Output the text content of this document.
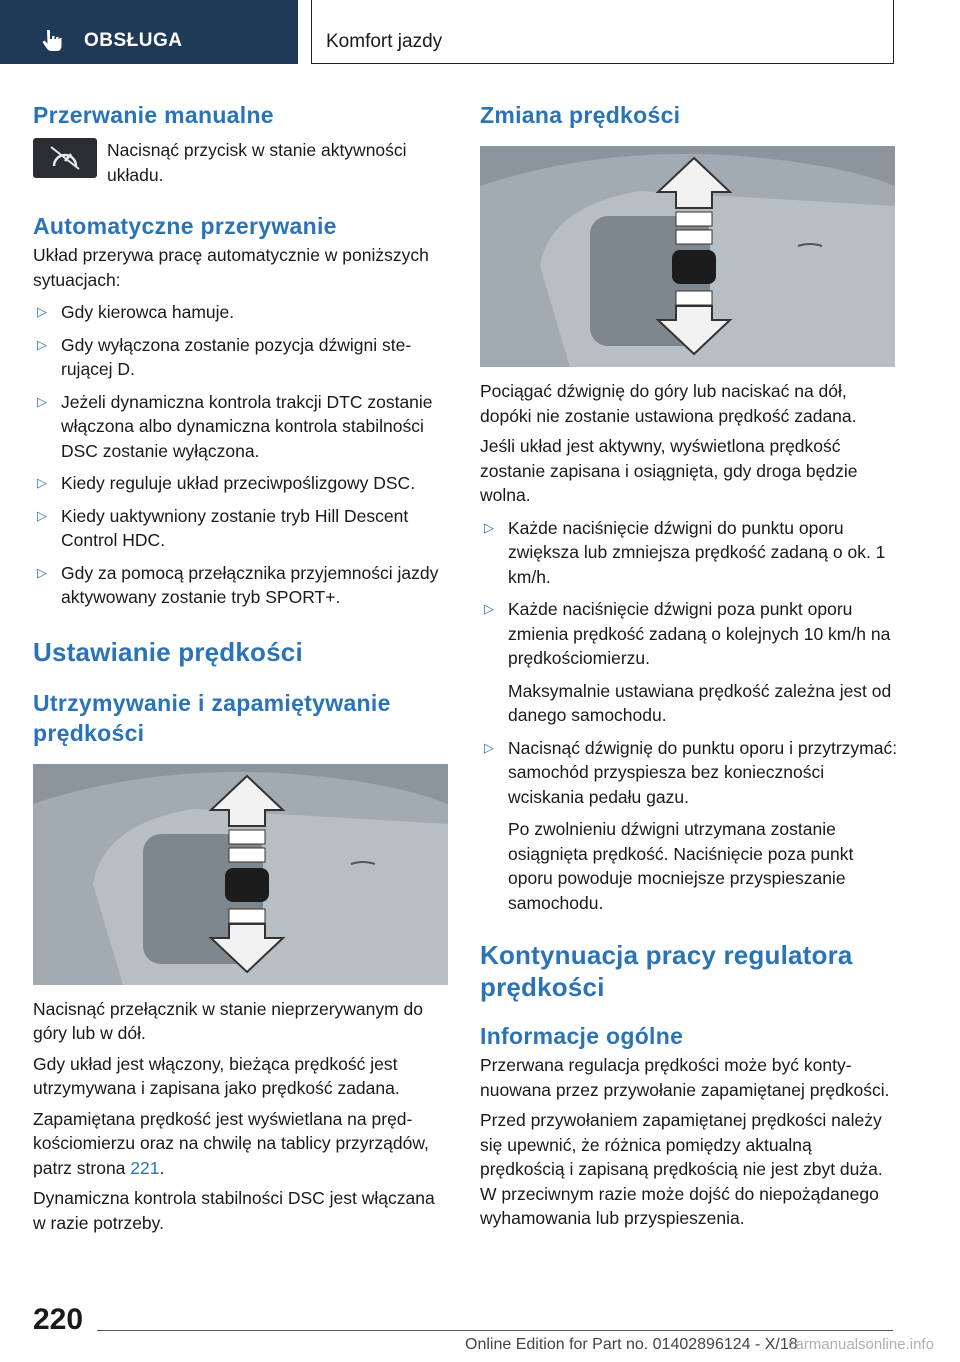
OBSŁUGA	Komfort jazdy
Przerwanie manualne

Nacisnąć przycisk w stanie aktywności układu.

Automatyczne przerywanie

Układ przerywa pracę automatycznie w poniższych sytuacjach:

▷ Gdy kierowca hamuje.
▷ Gdy wyłączona zostanie pozycja dźwigni sterującej D.
▷ Jeżeli dynamiczna kontrola trakcji DTC zostanie włączona albo dynamiczna kontrola stabilności DSC zostanie wyłączona.
▷ Kiedy reguluje układ przeciwpoślizgowy DSC.
▷ Kiedy uaktywniony zostanie tryb Hill Descent Control HDC.
▷ Gdy za pomocą przełącznika przyjemności jazdy aktywowany zostanie tryb SPORT+.
Ustawianie prędkości
Utrzymywanie i zapamiętywanie prędkości

Nacisnąć przełącznik w stanie nieprzerywanym do góry lub w dół.

Gdy układ jest włączony, bieżąca prędkość jest utrzymywana i zapisana jako prędkość zadana.

Zapamiętana prędkość jest wyświetlana na prędkościomierzu oraz na chwilę na tablicy przyrządów, patrz strona 221.

Dynamiczna kontrola stabilności DSC jest włączana w razie potrzeby.

Zmiana prędkości

Pociągać dźwignię do góry lub naciskać na dół, dopóki nie zostanie ustawiona prędkość zadana.

Jeśli układ jest aktywny, wyświetlona prędkość zostanie zapisana i osiągnięta, gdy droga będzie wolna.

▷ Każde naciśnięcie dźwigni do punktu oporu zwiększa lub zmniejsza prędkość zadaną o ok. 1 km/h.
▷ Każde naciśnięcie dźwigni poza punkt oporu zmienia prędkość zadaną o kolejnych 10 km/h na prędkościomierzu.
Maksymalnie ustawiana prędkość zależna jest od danego samochodu.
▷ Nacisnąć dźwignię do punktu oporu i przytrzymać: samochód przyspiesza bez konieczności wciskania pedału gazu.
Po zwolnieniu dźwigni utrzymana zostanie osiągnięta prędkość. Naciśnięcie poza punkt oporu powoduje mocniejsze przyspieszanie samochodu.
Kontynuacja pracy regulatora prędkości
Informacje ogólne

Przerwana regulacja prędkości może być kontynuowana przez przywołanie zapamiętanej prędkości.

Przed przywołaniem zapamiętanej prędkości należy się upewnić, że różnica pomiędzy aktualną prędkością i zapisaną prędkością nie jest zbyt duża. W przeciwnym razie może dojść do niepożądanego wyhamowania lub przyspieszenia.

220
Online Edition for Part no. 01402896124 - X/18
carmanualsonline.info
